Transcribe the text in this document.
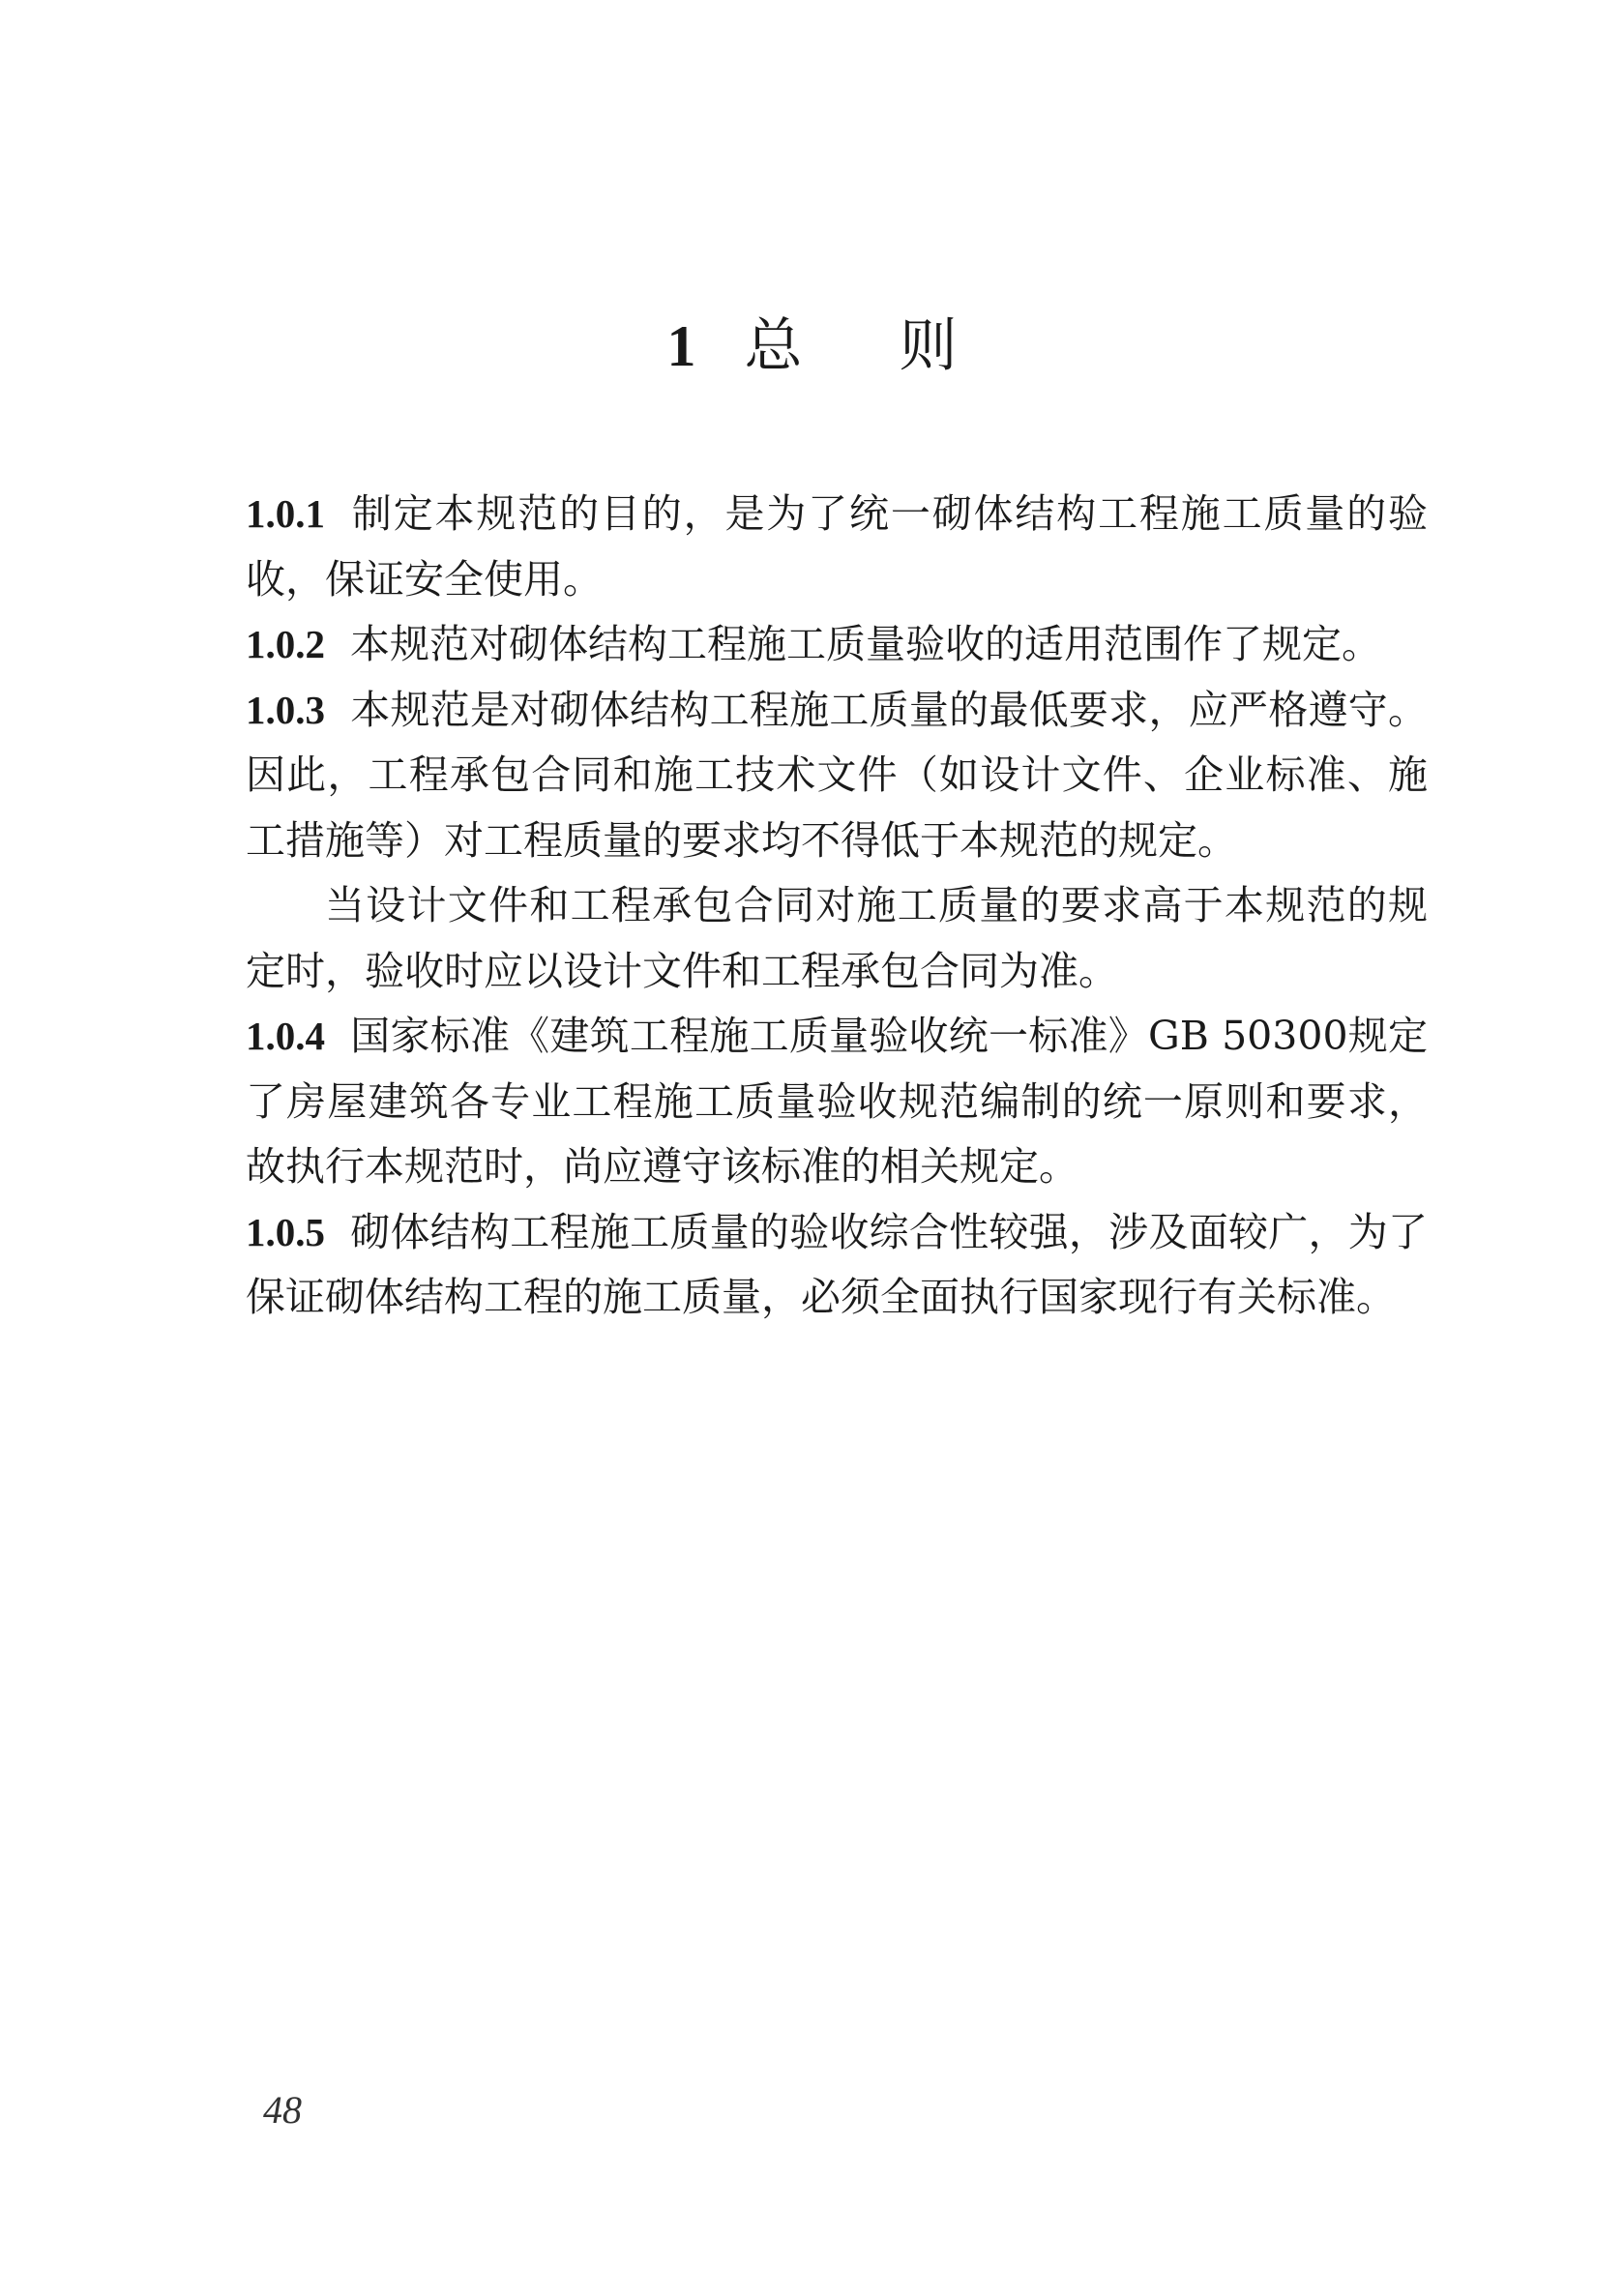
1 总 则

1.0.1 制定本规范的目的，是为了统一砌体结构工程施工质量的验收，保证安全使用。

1.0.2 本规范对砌体结构工程施工质量验收的适用范围作了规定。

1.0.3 本规范是对砌体结构工程施工质量的最低要求，应严格遵守。因此，工程承包合同和施工技术文件（如设计文件、企业标准、施工措施等）对工程质量的要求均不得低于本规范的规定。

当设计文件和工程承包合同对施工质量的要求高于本规范的规定时，验收时应以设计文件和工程承包合同为准。

1.0.4 国家标准《建筑工程施工质量验收统一标准》GB 50300规定了房屋建筑各专业工程施工质量验收规范编制的统一原则和要求，故执行本规范时，尚应遵守该标准的相关规定。

1.0.5 砌体结构工程施工质量的验收综合性较强，涉及面较广，为了保证砌体结构工程的施工质量，必须全面执行国家现行有关标准。

48
